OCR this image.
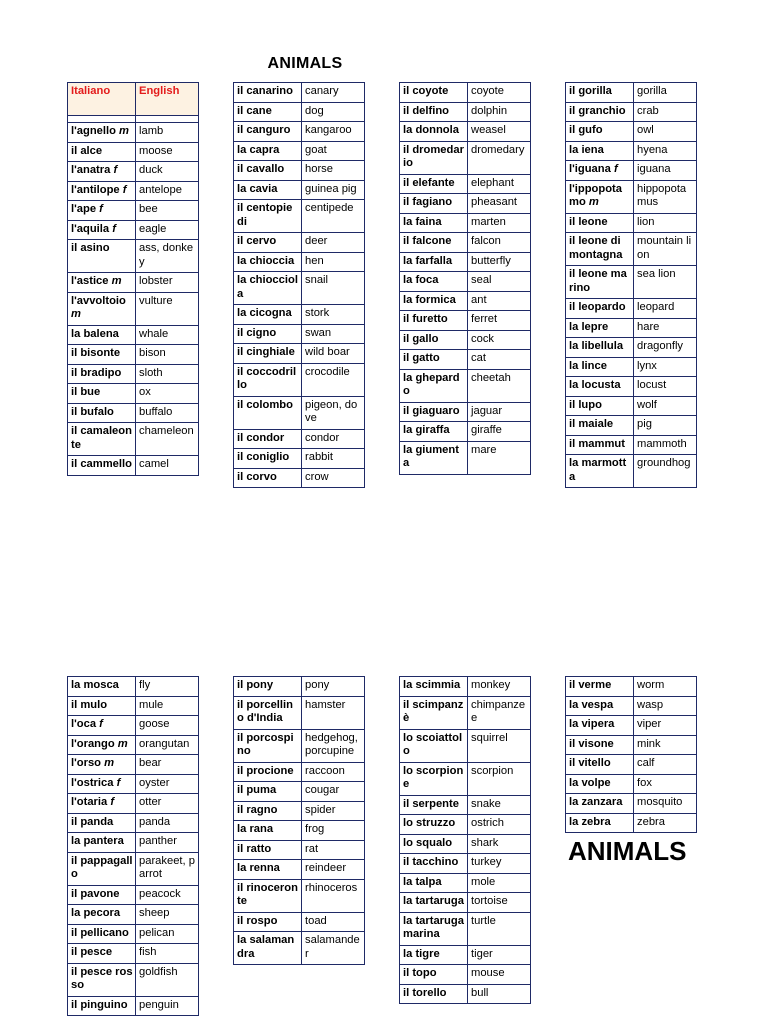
ANIMALS
ANIMALS
Italiano	English

l'agnello m	lamb
il alce	moose
l'anatra f	duck
l'antilope f	antelope
l'ape f	bee
l'aquila f	eagle
il asino	ass, donkey
l'astice m	lobster
l'avvoltoio m	vulture
la balena	whale
il bisonte	bison
il bradipo	sloth
il bue	ox
il bufalo	buffalo
il camaleonte	chameleon
il cammello	camel
il canarino	canary
il cane	dog
il canguro	kangaroo
la capra	goat
il cavallo	horse
la cavia	guinea pig
il centopiedi	centipede
il cervo	deer
la chioccia	hen
la chiocciola	snail
la cicogna	stork
il cigno	swan
il cinghiale	wild boar
il coccodrillo	crocodile
il colombo	pigeon, dove
il condor	condor
il coniglio	rabbit
il corvo	crow
il coyote	coyote
il delfino	dolphin
la donnola	weasel
il dromedario	dromedary
il elefante	elephant
il fagiano	pheasant
la faina	marten
il falcone	falcon
la farfalla	butterfly
la foca	seal
la formica	ant
il furetto	ferret
il gallo	cock
il gatto	cat
la ghepardo	cheetah
il giaguaro	jaguar
la giraffa	giraffe
la giumenta	mare
il gorilla	gorilla
il granchio	crab
il gufo	owl
la iena	hyena
l'iguana f	iguana
l'ippopotamo m	hippopotamus
il leone	lion
il leone di montagna	mountain lion
il leone marino	sea lion
il leopardo	leopard
la lepre	hare
la libellula	dragonfly
la lince	lynx
la locusta	locust
il lupo	wolf
il maiale	pig
il mammut	mammoth
la marmotta	groundhog
la mosca	fly
il mulo	mule
l'oca f	goose
l'orango m	orangutan
l'orso m	bear
l'ostrica f	oyster
l'otaria f	otter
il panda	panda
la pantera	panther
il pappagallo	parakeet, parrot
il pavone	peacock
la pecora	sheep
il pellicano	pelican
il pesce	fish
il pesce rosso	goldfish
il pinguino	penguin
il pony	pony
il porcellino d'India	hamster
il porcospino	hedgehog, porcupine
il procione	raccoon
il puma	cougar
il ragno	spider
la rana	frog
il ratto	rat
la renna	reindeer
il rinoceronte	rhinoceros
il rospo	toad
la salamandra	salamander
la scimmia	monkey
il scimpanzè	chimpanzee
lo scoiattolo	squirrel
lo scorpione	scorpion
il serpente	snake
lo struzzo	ostrich
lo squalo	shark
il tacchino	turkey
la talpa	mole
la tartaruga	tortoise
la tartaruga marina	turtle
la tigre	tiger
il topo	mouse
il torello	bull
il verme	worm
la vespa	wasp
la vipera	viper
il visone	mink
il vitello	calf
la volpe	fox
la zanzara	mosquito
la zebra	zebra
